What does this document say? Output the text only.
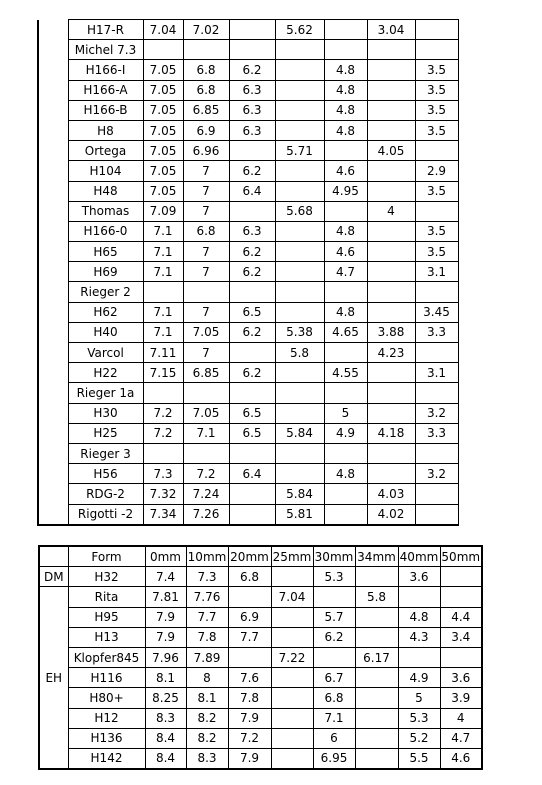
	H17-R	7.04	7.02		5.62		3.04	
	Michel 7.3							
	H166-I	7.05	6.8	6.2		4.8		3.5
	H166-A	7.05	6.8	6.3		4.8		3.5
	H166-B	7.05	6.85	6.3		4.8		3.5
	H8	7.05	6.9	6.3		4.8		3.5
	Ortega	7.05	6.96		5.71		4.05	
	H104	7.05	7	6.2		4.6		2.9
	H48	7.05	7	6.4		4.95		3.5
	Thomas	7.09	7		5.68		4	
	H166-0	7.1	6.8	6.3		4.8		3.5
	H65	7.1	7	6.2		4.6		3.5
	H69	7.1	7	6.2		4.7		3.1
	Rieger 2							
	H62	7.1	7	6.5		4.8		3.45
	H40	7.1	7.05	6.2	5.38	4.65	3.88	3.3
	Varcol	7.11	7		5.8		4.23	
	H22	7.15	6.85	6.2		4.55		3.1
	Rieger 1a							
	H30	7.2	7.05	6.5		5		3.2
	H25	7.2	7.1	6.5	5.84	4.9	4.18	3.3
	Rieger 3							
	H56	7.3	7.2	6.4		4.8		3.2
	RDG-2	7.32	7.24		5.84		4.03	
	Rigotti -2	7.34	7.26		5.81		4.02	
	Form	0mm	10mm	20mm	25mm	30mm	34mm	40mm	50mm
DM	H32	7.4	7.3	6.8		5.3		3.6	
EH	Rita	7.81	7.76		7.04		5.8		
	H95	7.9	7.7	6.9		5.7		4.8	4.4
	H13	7.9	7.8	7.7		6.2		4.3	3.4
	Klopfer845	7.96	7.89		7.22		6.17		
	H116	8.1	8	7.6		6.7		4.9	3.6
	H80+	8.25	8.1	7.8		6.8		5	3.9
	H12	8.3	8.2	7.9		7.1		5.3	4
	H136	8.4	8.2	7.2		6		5.2	4.7
	H142	8.4	8.3	7.9		6.95		5.5	4.6
